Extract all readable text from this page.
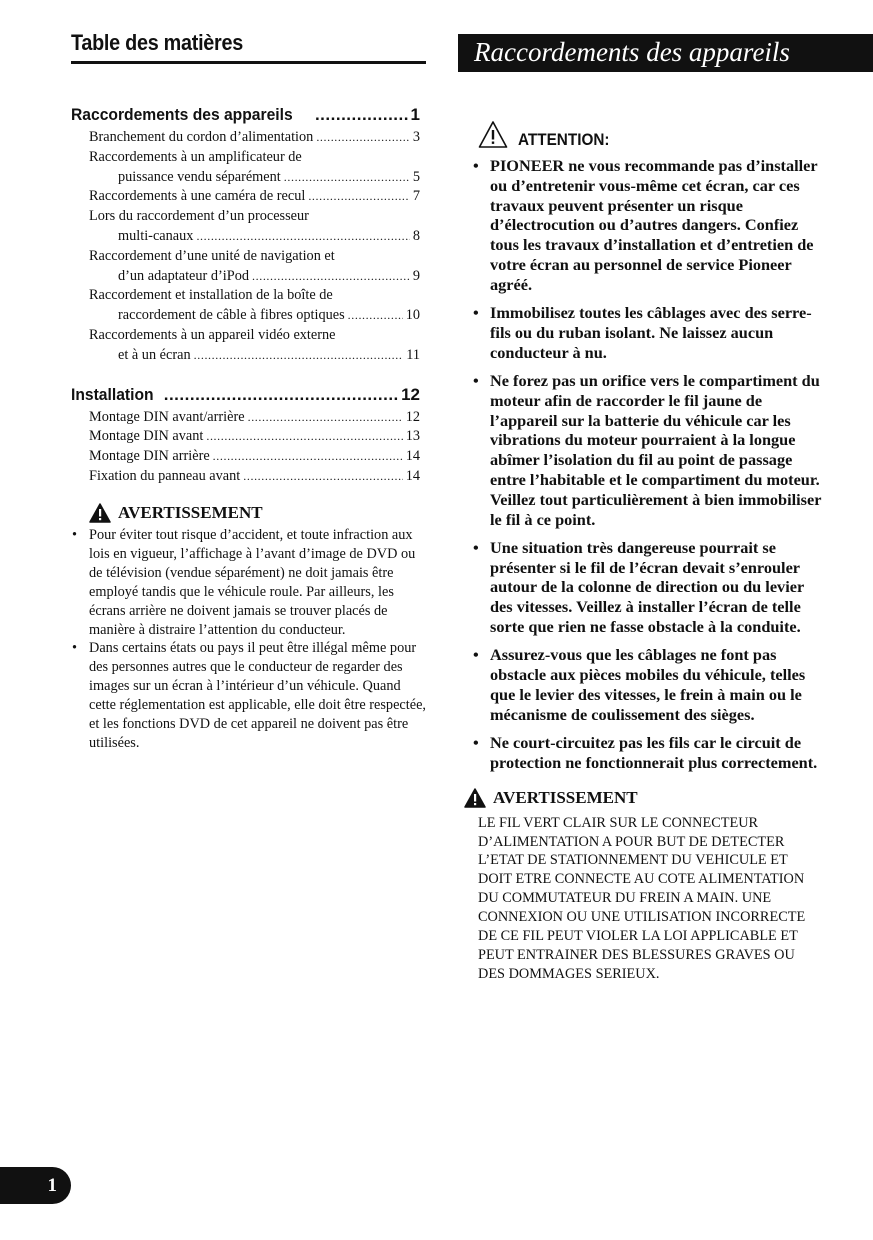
Table des matières	Raccordements des appareils
Raccordements des appareils .....	1
Branchement du cordon d’alimentation .....	3
Raccordements à un amplificateur de
puissance vendu séparément .....	5
Raccordements à une caméra de recul .....	7
Lors du raccordement d’un processeur
multi-canaux .....	8
Raccordement d’une unité de navigation et
d’un adaptateur d’iPod .....	9
Raccordement et installation de la boîte de
raccordement de câble à fibres optiques .....	10
Raccordements à un appareil vidéo externe
et à un écran .....	11
Installation .....	12
Montage DIN avant/arrière .....	12
Montage DIN avant .....	13
Montage DIN arrière .....	14
Fixation du panneau avant .....	14
AVERTISSEMENT
• Pour éviter tout risque d’accident, et toute infraction aux lois en vigueur, l’affichage à l’avant d’image de DVD ou de télévision (vendue séparément) ne doit jamais être employé tandis que le véhicule roule. Par ailleurs, les écrans arrière ne doivent jamais se trouver placés de manière à distraire l’attention du conducteur.
• Dans certains états ou pays il peut être illégal même pour des personnes autres que le conducteur de regarder des images sur un écran à l’intérieur d’un véhicule. Quand cette réglementation est applicable, elle doit être respectée, et les fonctions DVD de cet appareil ne doivent pas être utilisées.
ATTENTION:
• PIONEER ne vous recommande pas d’installer ou d’entretenir vous-même cet écran, car ces travaux peuvent présenter un risque d’électrocution ou d’autres dangers. Confiez tous les travaux d’installation et d’entretien de votre écran au personnel de service Pioneer agréé.
• Immobilisez toutes les câblages avec des serre-fils ou du ruban isolant. Ne laissez aucun conducteur à nu.
• Ne forez pas un orifice vers le compartiment du moteur afin de raccorder le fil jaune de l’appareil sur la batterie du véhicule car les vibrations du moteur pourraient à la longue abîmer l’isolation du fil au point de passage entre l’habitable et le compartiment du moteur. Veillez tout particulièrement à bien immobiliser le fil à ce point.
• Une situation très dangereuse pourrait se présenter si le fil de l’écran devait s’enrouler autour de la colonne de direction ou du levier des vitesses. Veillez à installer l’écran de telle sorte que rien ne fasse obstacle à la conduite.
• Assurez-vous que les câblages ne font pas obstacle aux pièces mobiles du véhicule, telles que le levier des vitesses, le frein à main ou le mécanisme de coulissement des sièges.
• Ne court-circuitez pas les fils car le circuit de protection ne fonctionnerait plus correctement.
AVERTISSEMENT
LE FIL VERT CLAIR SUR LE CONNECTEUR D’ALIMENTATION A POUR BUT DE DETECTER L’ETAT DE STATIONNEMENT DU VEHICULE ET DOIT ETRE CONNECTE AU COTE ALIMENTATION DU COMMUTATEUR DU FREIN A MAIN. UNE CONNEXION OU UNE UTILISATION INCORRECTE DE CE FIL PEUT VIOLER LA LOI APPLICABLE ET PEUT ENTRAINER DES BLESSURES GRAVES OU DES DOMMAGES SERIEUX.
1
